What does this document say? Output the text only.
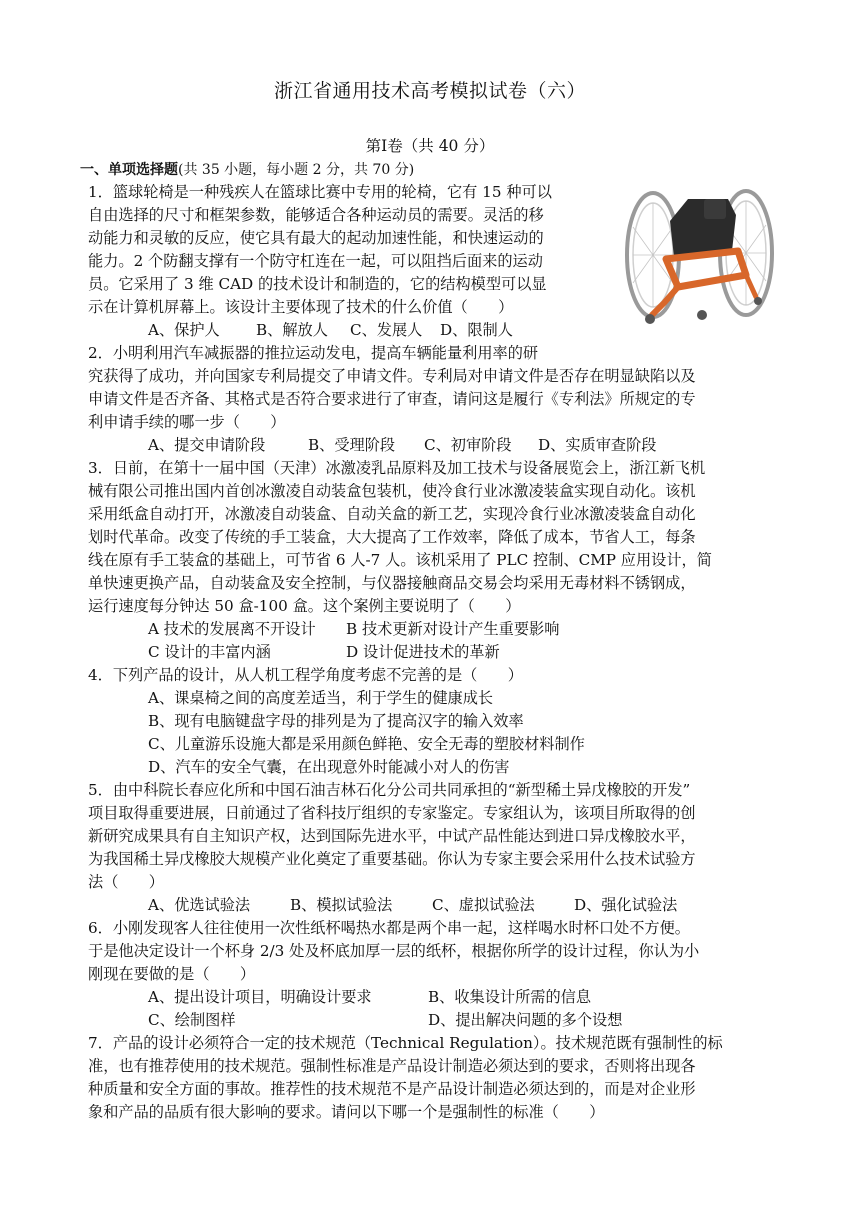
浙江省通用技术高考模拟试卷（六）
第Ⅰ卷（共 40 分）
一、单项选择题(共 35 小题，每小题 2 分，共 70 分)
1．篮球轮椅是一种残疾人在篮球比赛中专用的轮椅，它有 15 种可以
自由选择的尺寸和框架参数，能够适合各种运动员的需要。灵活的移
动能力和灵敏的反应，使它具有最大的起动加速性能，和快速运动的
能力。2 个防翻支撑有一个防守杠连在一起，可以阻挡后面来的运动
员。它采用了 3 维 CAD 的技术设计和制造的，它的结构模型可以显
示在计算机屏幕上。该设计主要体现了技术的什么价值（　　）
A、保护人 B、解放人 C、发展人 D、限制人
2．小明利用汽车减振器的推拉运动发电，提高车辆能量利用率的研
究获得了成功，并向国家专利局提交了申请文件。专利局对申请文件是否存在明显缺陷以及
申请文件是否齐备、其格式是否符合要求进行了审查，请问这是履行《专利法》所规定的专
利申请手续的哪一步（　　）
A、提交申请阶段	B、受理阶段 C、初审阶段 D、实质审查阶段
3．日前，在第十一届中国（天津）冰激凌乳品原料及加工技术与设备展览会上，浙江新飞机
械有限公司推出国内首创冰激凌自动装盒包装机，使冷食行业冰激凌装盒实现自动化。该机
采用纸盒自动打开，冰激凌自动装盒、自动关盒的新工艺，实现冷食行业冰激凌装盒自动化
划时代革命。改变了传统的手工装盒，大大提高了工作效率，降低了成本，节省人工，每条
线在原有手工装盒的基础上，可节省 6 人-7 人。该机采用了 PLC 控制、CMP 应用设计，简
单快速更换产品，自动装盒及安全控制，与仪器接触商品交易会均采用无毒材料不锈钢成，
运行速度每分钟达 50 盒-100 盒。这个案例主要说明了（　　）
A 技术的发展离不开设计 B 技术更新对设计产生重要影响
C 设计的丰富内涵	D 设计促进技术的革新
4．下列产品的设计，从人机工程学角度考虑不完善的是（　　）
A、课桌椅之间的高度差适当，利于学生的健康成长
B、现有电脑键盘字母的排列是为了提高汉字的输入效率
C、儿童游乐设施大都是采用颜色鲜艳、安全无毒的塑胶材料制作
D、汽车的安全气囊，在出现意外时能减小对人的伤害
5．由中科院长春应化所和中国石油吉林石化分公司共同承担的“新型稀土异戊橡胶的开发”
项目取得重要进展，日前通过了省科技厅组织的专家鉴定。专家组认为，该项目所取得的创
新研究成果具有自主知识产权，达到国际先进水平，中试产品性能达到进口异戊橡胶水平，
为我国稀土异戊橡胶大规模产业化奠定了重要基础。你认为专家主要会采用什么技术试验方
法（　　）
A、优选试验法	B、模拟试验法	C、虚拟试验法	D、强化试验法
6．小刚发现客人往往使用一次性纸杯喝热水都是两个串一起，这样喝水时杯口处不方便。
于是他决定设计一个杯身 2/3 处及杯底加厚一层的纸杯，根据你所学的设计过程，你认为小
刚现在要做的是（　　）
A、提出设计项目，明确设计要求	B、收集设计所需的信息
C、绘制图样	D、提出解决问题的多个设想
7．产品的设计必须符合一定的技术规范（Technical Regulation）。技术规范既有强制性的标
准，也有推荐使用的技术规范。强制性标准是产品设计制造必须达到的要求，否则将出现各
种质量和安全方面的事故。推荐性的技术规范不是产品设计制造必须达到的，而是对企业形
象和产品的品质有很大影响的要求。请问以下哪一个是强制性的标准（　　）
